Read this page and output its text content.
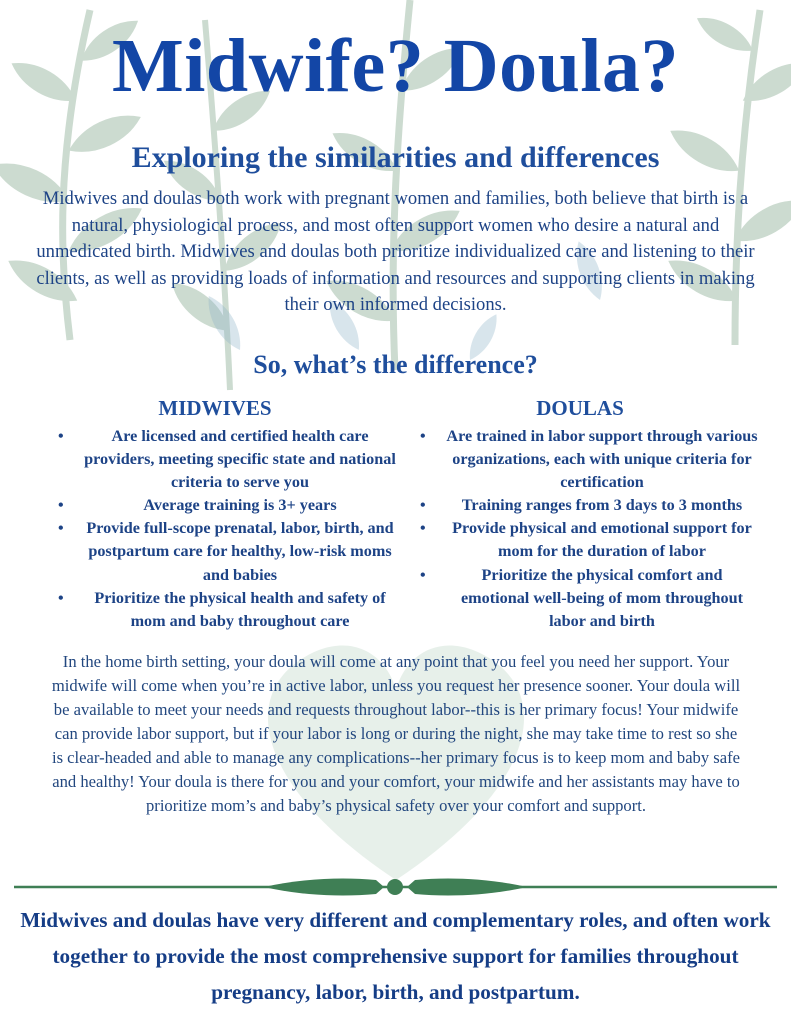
Midwife? Doula?
Exploring the similarities and differences
Midwives and doulas both work with pregnant women and families, both believe that birth is a natural, physiological process, and most often support women who desire a natural and unmedicated birth. Midwives and doulas both prioritize individualized care and listening to their clients, as well as providing loads of information and resources and supporting clients in making their own informed decisions.
So, what’s the difference?
MIDWIVES	DOULAS
•	Are licensed and certified health care providers, meeting specific state and national criteria to serve you
•	Average training is 3+ years
• Provide full-scope prenatal, labor, birth, and postpartum care for healthy, low-risk moms and babies
• Prioritize the physical health and safety of mom and baby throughout care
• Are trained in labor support through various organizations, each with unique criteria for certification
• Training ranges from 3 days to 3 months
• Provide physical and emotional support for mom for the duration of labor
•	Prioritize the physical comfort and emotional well-being of mom throughout labor and birth
In the home birth setting, your doula will come at any point that you feel you need her support. Your midwife will come when you’re in active labor, unless you request her presence sooner. Your doula will be available to meet your needs and requests throughout labor--this is her primary focus! Your midwife can provide labor support, but if your labor is long or during the night, she may take time to rest so she is clear-headed and able to manage any complications--her primary focus is to keep mom and baby safe and healthy! Your doula is there for you and your comfort, your midwife and her assistants may have to prioritize mom’s and baby’s physical safety over your comfort and support.
Midwives and doulas have very different and complementary roles, and often work together to provide the most comprehensive support for families throughout pregnancy, labor, birth, and postpartum.
